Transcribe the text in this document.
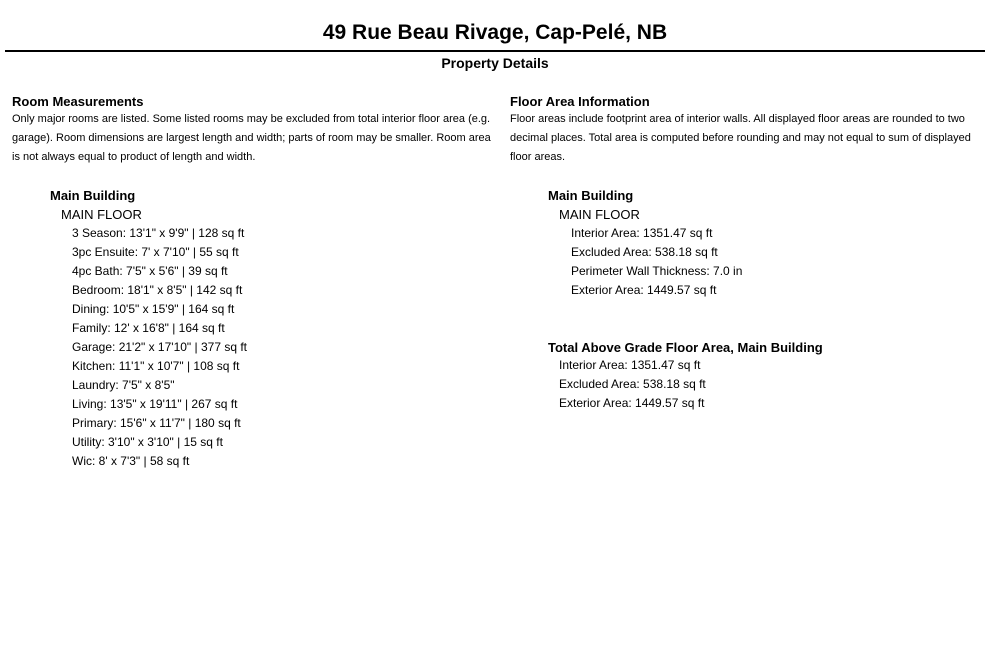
49 Rue Beau Rivage, Cap-Pelé, NB
Property Details
Room Measurements
Only major rooms are listed. Some listed rooms may be excluded from total interior floor area (e.g. garage). Room dimensions are largest length and width; parts of room may be smaller. Room area is not always equal to product of length and width.
Main Building
MAIN FLOOR
3 Season: 13'1" x 9'9" | 128 sq ft
3pc Ensuite: 7' x 7'10" | 55 sq ft
4pc Bath: 7'5" x 5'6" | 39 sq ft
Bedroom: 18'1" x 8'5" | 142 sq ft
Dining: 10'5" x 15'9" | 164 sq ft
Family: 12' x 16'8" | 164 sq ft
Garage: 21'2" x 17'10" | 377 sq ft
Kitchen: 11'1" x 10'7" | 108 sq ft
Laundry: 7'5" x 8'5"
Living: 13'5" x 19'11" | 267 sq ft
Primary: 15'6" x 11'7" | 180 sq ft
Utility: 3'10" x 3'10" | 15 sq ft
Wic: 8' x 7'3" | 58 sq ft
Floor Area Information
Floor areas include footprint area of interior walls. All displayed floor areas are rounded to two decimal places. Total area is computed before rounding and may not equal to sum of displayed floor areas.
Main Building
MAIN FLOOR
Interior Area: 1351.47 sq ft
Excluded Area: 538.18 sq ft
Perimeter Wall Thickness: 7.0 in
Exterior Area: 1449.57 sq ft
Total Above Grade Floor Area, Main Building
Interior Area: 1351.47 sq ft
Excluded Area: 538.18 sq ft
Exterior Area: 1449.57 sq ft
